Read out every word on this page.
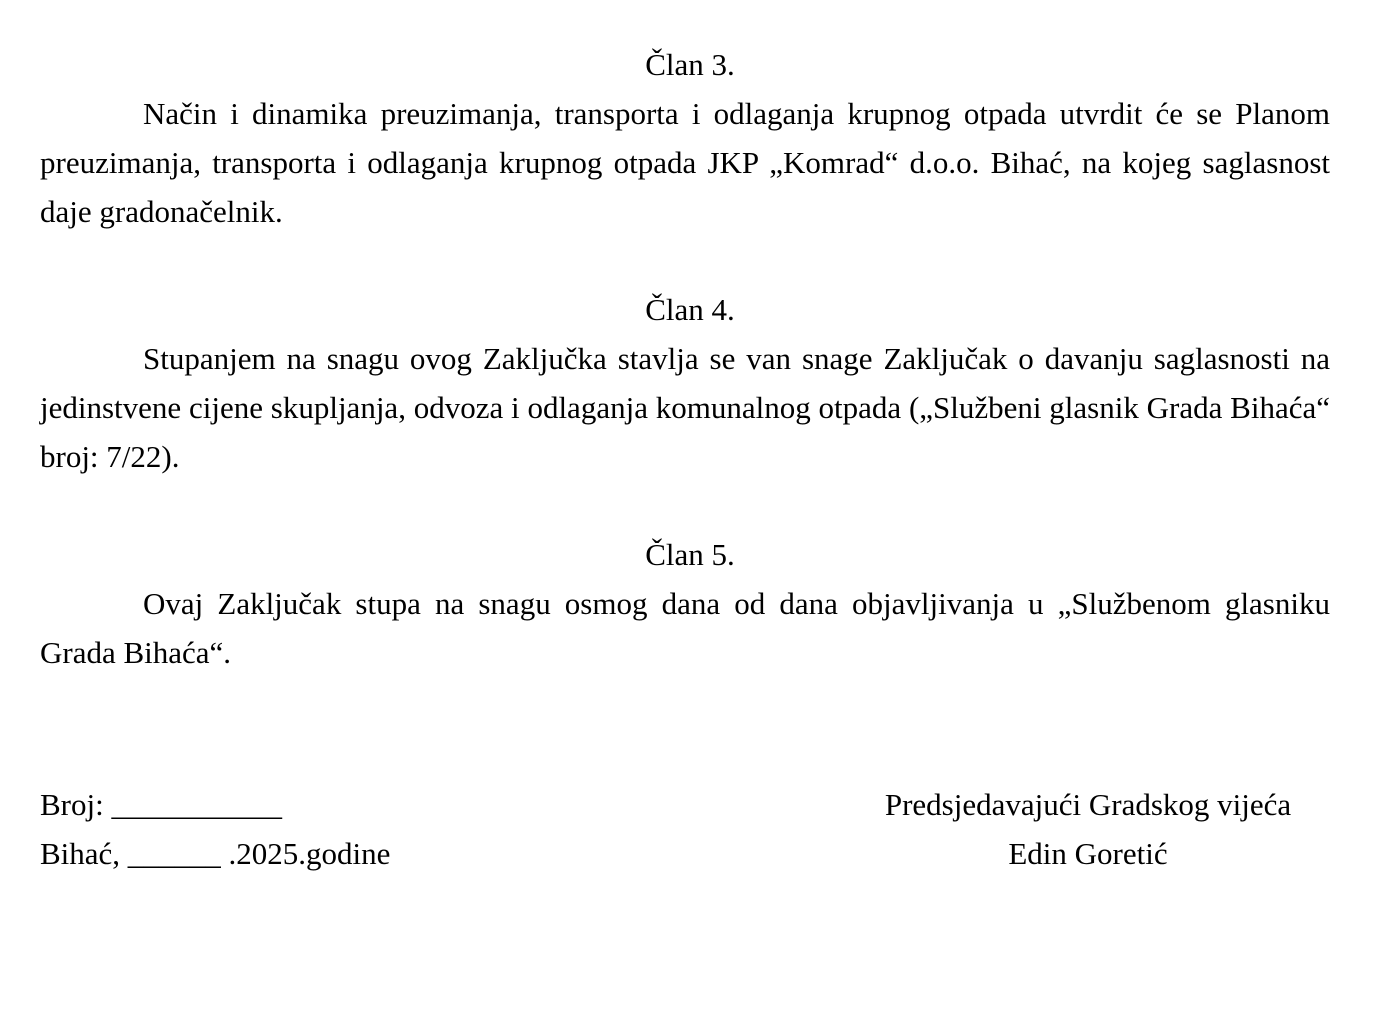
Član 3.

Način i dinamika preuzimanja, transporta i odlaganja krupnog otpada utvrdit će se Planom preuzimanja, transporta i odlaganja krupnog otpada JKP „Komrad“ d.o.o. Bihać, na kojeg saglasnost daje gradonačelnik.

Član 4.

Stupanjem na snagu ovog Zaključka stavlja se van snage Zaključak o davanju saglasnosti na jedinstvene cijene skupljanja, odvoza i odlaganja komunalnog otpada („Službeni glasnik Grada Bihaća“ broj: 7/22).

Član 5.

Ovaj Zaključak stupa na snagu osmog dana od dana objavljivanja u „Službenom glasniku Grada Bihaća“.

Broj: ___________
Bihać, ______ .2025.godine
Predsjedavajući Gradskog vijeća
Edin Goretić
